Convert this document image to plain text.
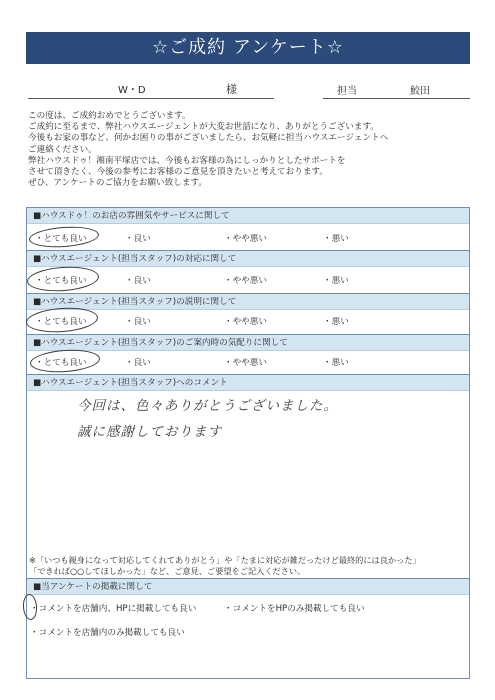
☆ご成約 アンケート☆
W・D	様	担当	鮫田
この度は、ご成約おめでとうございます。
ご成約に至るまで、弊社ハウスエージェントが大変お世話になり、ありがとうございます。
今後もお家の事など、何かお困りの事がございましたら、お気軽に担当ハウスエージェントへ
ご連絡ください。
弊社ハウスドゥ！湘南平塚店では、今後もお客様の為にしっかりとしたサポートを
させて頂きたく、今後の参考にお客様のご意見を頂きたいと考えております。
ぜひ、アンケートのご協力をお願い致します。
■ハウスドゥ！のお店の雰囲気やサービスに関して
・とても良い	・良い	・やや悪い	・悪い
■ハウスエージェント(担当スタッフ)の対応に関して
・とても良い	・良い	・やや悪い	・悪い
■ハウスエージェント(担当スタッフ)の説明に関して
・とても良い	・良い	・やや悪い	・悪い
■ハウスエージェント(担当スタッフ)のご案内時の気配りに関して
・とても良い	・良い	・やや悪い	・悪い
■ハウスエージェント(担当スタッフ)へのコメント
今回は、色々ありがとうございました。
誠に感謝しております
※「いつも親身になって対応してくれてありがとう」や「たまに対応が雑だったけど最終的には良かった」
「できれば○○してほしかった」など、ご意見、ご要望をご記入ください。
■当アンケートの掲載に関して
・コメントを店舗内、HPに掲載しても良い	・コメントをHPのみ掲載しても良い
・コメントを店舗内のみ掲載しても良い
